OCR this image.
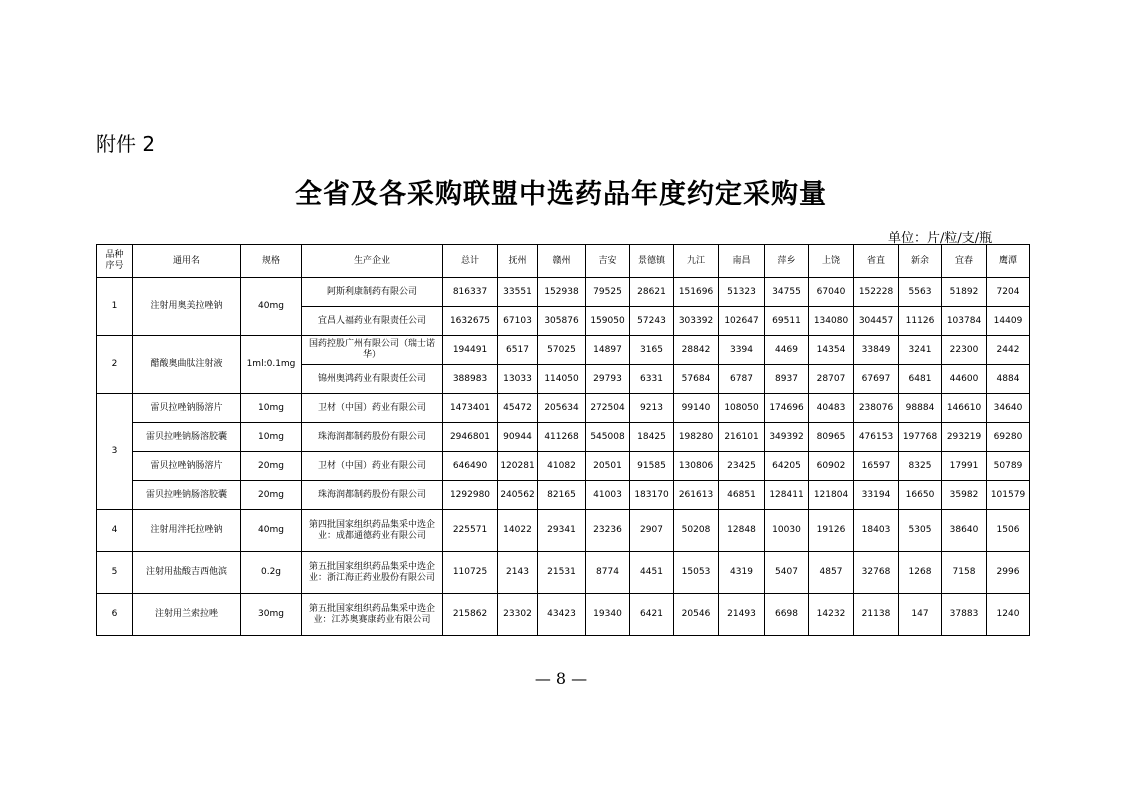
附件 2
全省及各采购联盟中选药品年度约定采购量
单位：片/粒/支/瓶
品种
序号	通用名	规格	生产企业	总计	抚州	赣州	吉安	景德镇	九江	南昌	萍乡	上饶	省直	新余	宜春	鹰潭
1	注射用奥美拉唑钠	40mg	阿斯利康制药有限公司	816337	33551	152938	79525	28621	151696	51323	34755	67040	152228	5563	51892	7204
			宜昌人福药业有限责任公司	1632675	67103	305876	159050	57243	303392	102647	69511	134080	304457	11126	103784	14409
2	醋酸奥曲肽注射液	1ml:0.1mg	国药控股广州有限公司（瑞士诺华）	194491	6517	57025	14897	3165	28842	3394	4469	14354	33849	3241	22300	2442
			锦州奥鸿药业有限责任公司	388983	13033	114050	29793	6331	57684	6787	8937	28707	67697	6481	44600	4884
3	雷贝拉唑钠肠溶片	10mg	卫材（中国）药业有限公司	1473401	45472	205634	272504	9213	99140	108050	174696	40483	238076	98884	146610	34640
	雷贝拉唑钠肠溶胶囊	10mg	珠海润都制药股份有限公司	2946801	90944	411268	545008	18425	198280	216101	349392	80965	476153	197768	293219	69280
	雷贝拉唑钠肠溶片	20mg	卫材（中国）药业有限公司	646490	120281	41082	20501	91585	130806	23425	64205	60902	16597	8325	17991	50789
	雷贝拉唑钠肠溶胶囊	20mg	珠海润都制药股份有限公司	1292980	240562	82165	41003	183170	261613	46851	128411	121804	33194	16650	35982	101579
4	注射用泮托拉唑钠	40mg	第四批国家组织药品集采中选企业：成都通德药业有限公司	225571	14022	29341	23236	2907	50208	12848	10030	19126	18403	5305	38640	1506
5	注射用盐酸吉西他滨	0.2g	第五批国家组织药品集采中选企业：浙江海正药业股份有限公司	110725	2143	21531	8774	4451	15053	4319	5407	4857	32768	1268	7158	2996
6	注射用兰索拉唑	30mg	第五批国家组织药品集采中选企业：江苏奥赛康药业有限公司	215862	23302	43423	19340	6421	20546	21493	6698	14232	21138	147	37883	1240
— 8 —
